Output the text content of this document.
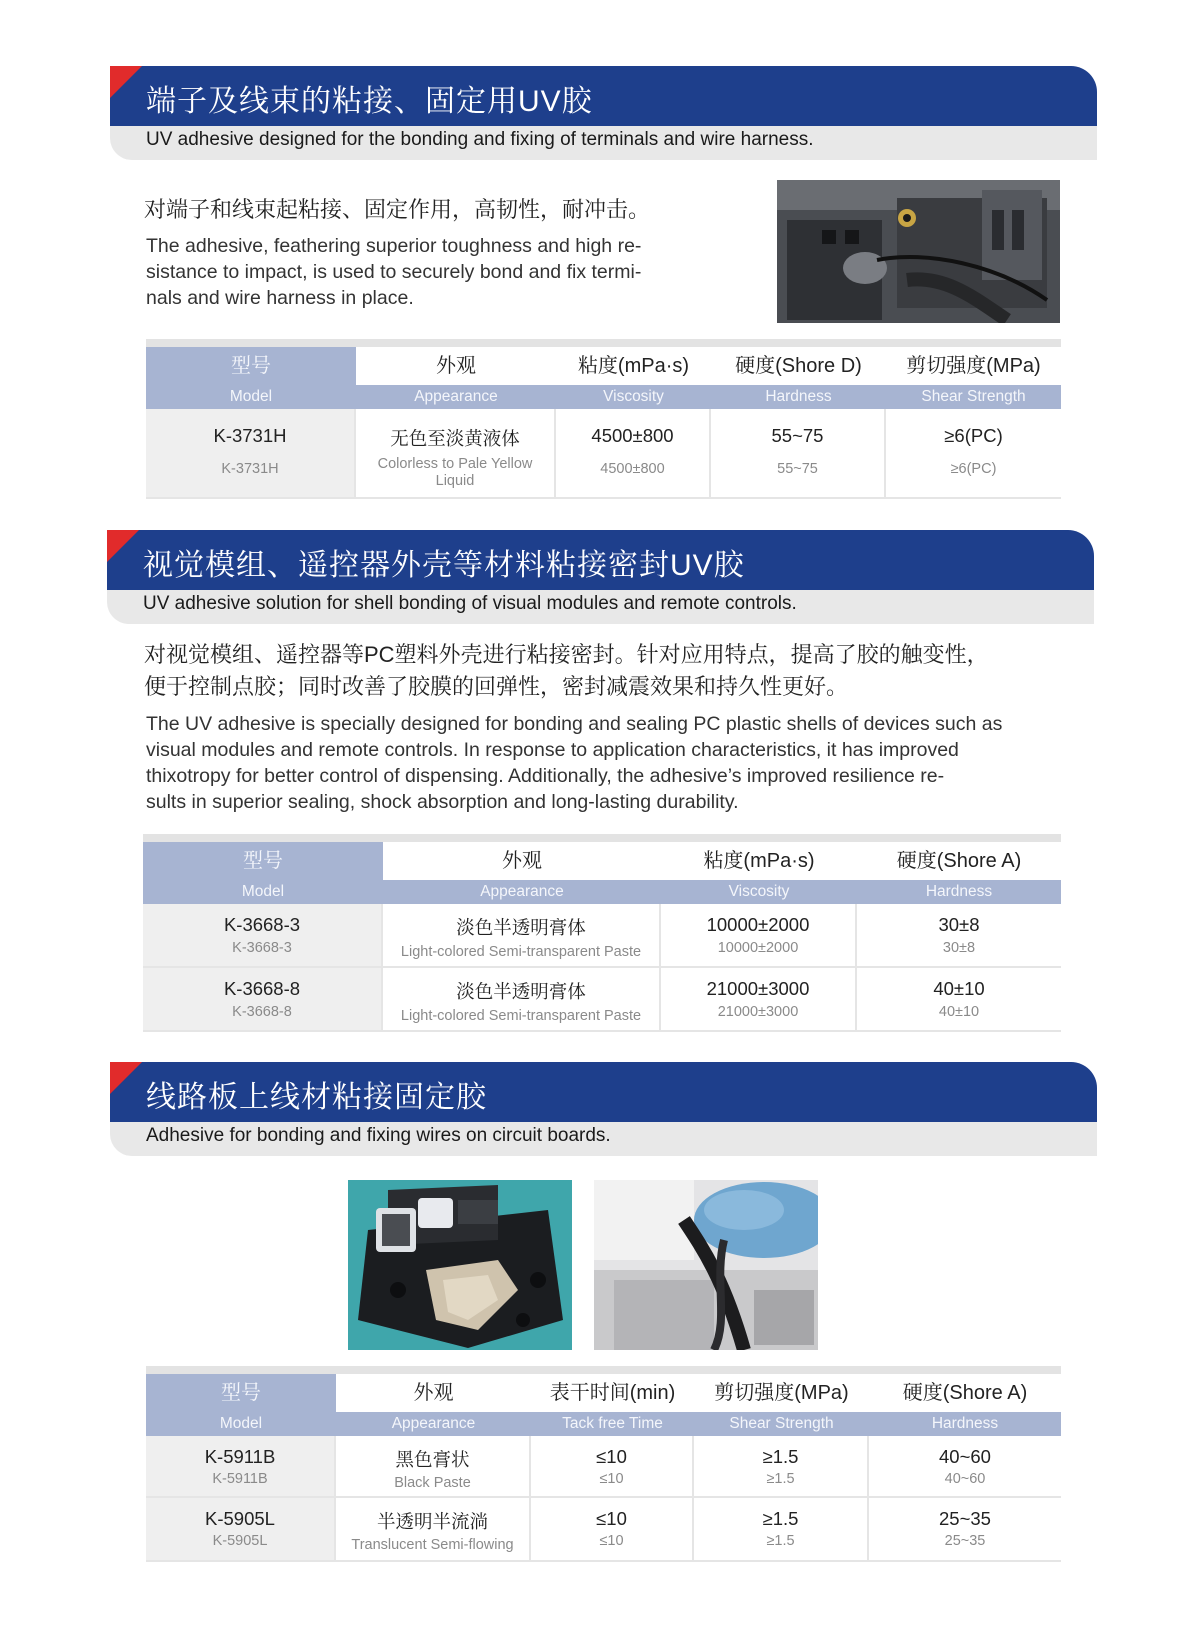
端子及线束的粘接、固定用UV胶
UV adhesive designed for the bonding and fixing of terminals and wire harness.
对端子和线束起粘接、固定作用，高韧性，耐冲击。
The adhesive, feathering superior toughness and high re-
sistance to impact, is used to securely bond and fix termi-
nals and wire harness in place.
型号
Model
外观
Appearance
粘度(mPa·s)
Viscosity
硬度(Shore D)
Hardness
剪切强度(MPa)
Shear Strength
K-3731H
K-3731H
无色至淡黄液体
Colorless to Pale Yellow Liquid
4500±800
4500±800
55~75
55~75
≥6(PC)
≥6(PC)
视觉模组、遥控器外壳等材料粘接密封UV胶
UV adhesive solution for shell bonding of visual modules and remote controls.
对视觉模组、遥控器等PC塑料外壳进行粘接密封。针对应用特点，提高了胶的触变性，
便于控制点胶；同时改善了胶膜的回弹性，密封减震效果和持久性更好。
The UV adhesive is specially designed for bonding and sealing PC plastic shells of devices such as
visual modules and remote controls. In response to application characteristics, it has improved
thixotropy for better control of dispensing. Additionally, the adhesive’s improved resilience re-
sults in superior sealing, shock absorption and long-lasting durability.
型号
Model
外观
Appearance
粘度(mPa·s)
Viscosity
硬度(Shore A)
Hardness
K-3668-3
K-3668-3
淡色半透明膏体
Light-colored Semi-transparent Paste
10000±2000
10000±2000
30±8
30±8
K-3668-8
K-3668-8
淡色半透明膏体
Light-colored Semi-transparent Paste
21000±3000
21000±3000
40±10
40±10
线路板上线材粘接固定胶
Adhesive for bonding and fixing wires on circuit boards.
型号
Model
外观
Appearance
表干时间(min)
Tack free Time
剪切强度(MPa)
Shear Strength
硬度(Shore A)
Hardness
K-5911B
K-5911B
黑色膏状
Black Paste
≤10
≤10
≥1.5
≥1.5
40~60
40~60
K-5905L
K-5905L
半透明半流淌
Translucent Semi-flowing
≤10
≤10
≥1.5
≥1.5
25~35
25~35
